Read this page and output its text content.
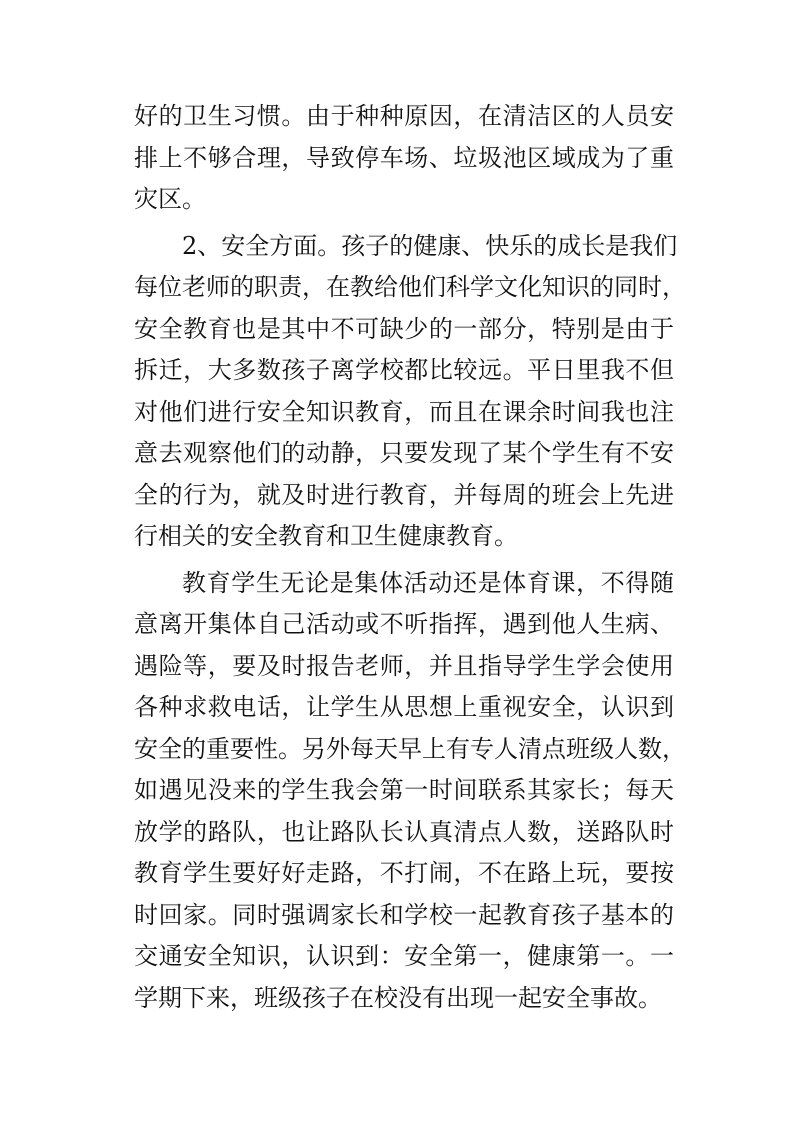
好的卫生习惯。由于种种原因，在清洁区的人员安
排上不够合理，导致停车场、垃圾池区域成为了重
灾区。
2、安全方面。孩子的健康、快乐的成长是我们
每位老师的职责，在教给他们科学文化知识的同时，
安全教育也是其中不可缺少的一部分，特别是由于
拆迁，大多数孩子离学校都比较远。平日里我不但
对他们进行安全知识教育，而且在课余时间我也注
意去观察他们的动静，只要发现了某个学生有不安
全的行为，就及时进行教育，并每周的班会上先进
行相关的安全教育和卫生健康教育。
教育学生无论是集体活动还是体育课，不得随
意离开集体自己活动或不听指挥，遇到他人生病、
遇险等，要及时报告老师，并且指导学生学会使用
各种求救电话，让学生从思想上重视安全，认识到
安全的重要性。另外每天早上有专人清点班级人数，
如遇见没来的学生我会第一时间联系其家长；每天
放学的路队，也让路队长认真清点人数，送路队时
教育学生要好好走路，不打闹，不在路上玩，要按
时回家。同时强调家长和学校一起教育孩子基本的
交通安全知识，认识到：安全第一，健康第一。一
学期下来，班级孩子在校没有出现一起安全事故。
